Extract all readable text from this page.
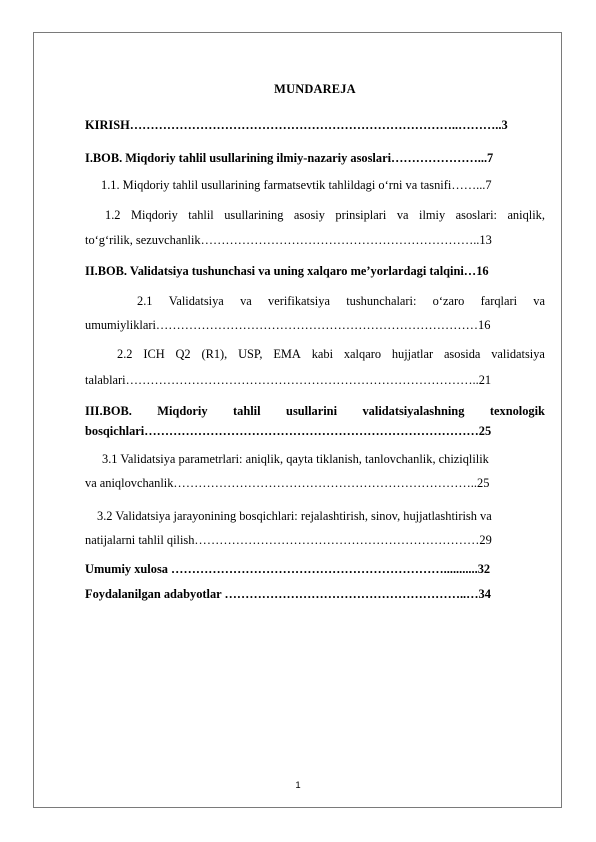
MUNDAREJA
KIRISH……………………………………………………………………..………..3
I.BOB. Miqdoriy tahlil usullarining ilmiy-nazariy asoslari…………………...7
1.1. Miqdoriy tahlil usullarining farmatsevtik tahlildagi o‘rni va tasnifi……...7
1.2 Miqdoriy tahlil usullarining asosiy prinsiplari va ilmiy asoslari: aniqlik,
to‘g‘rilik, sezuvchanlik…………………………………………………………..13
II.BOB. Validatsiya tushunchasi va uning xalqaro me’yorlardagi talqini…16
2.1 Validatsiya va verifikatsiya tushunchalari: o‘zaro farqlari va
umumiyliklari……………………………………………………………………16
2.2 ICH Q2 (R1), USP, EMA kabi xalqaro hujjatlar asosida validatsiya
talablari…………………………………………………………………………..21
III.BOB. Miqdoriy tahlil usullarini validatsiyalashning texnologik
bosqichlari………………………………………………………………………25
3.1 Validatsiya parametrlari: aniqlik, qayta tiklanish, tanlovchanlik, chiziqlilik
va aniqlovchanlik………………………………………………………………..25
3.2 Validatsiya jarayonining bosqichlari: rejalashtirish, sinov, hujjatlashtirish va
natijalarni tahlil qilish……………………………………………………………29
Umumiy xulosa …………………………………………………………...........32
Foydalanilgan adabyotlar …………………………………………………..…34
1
